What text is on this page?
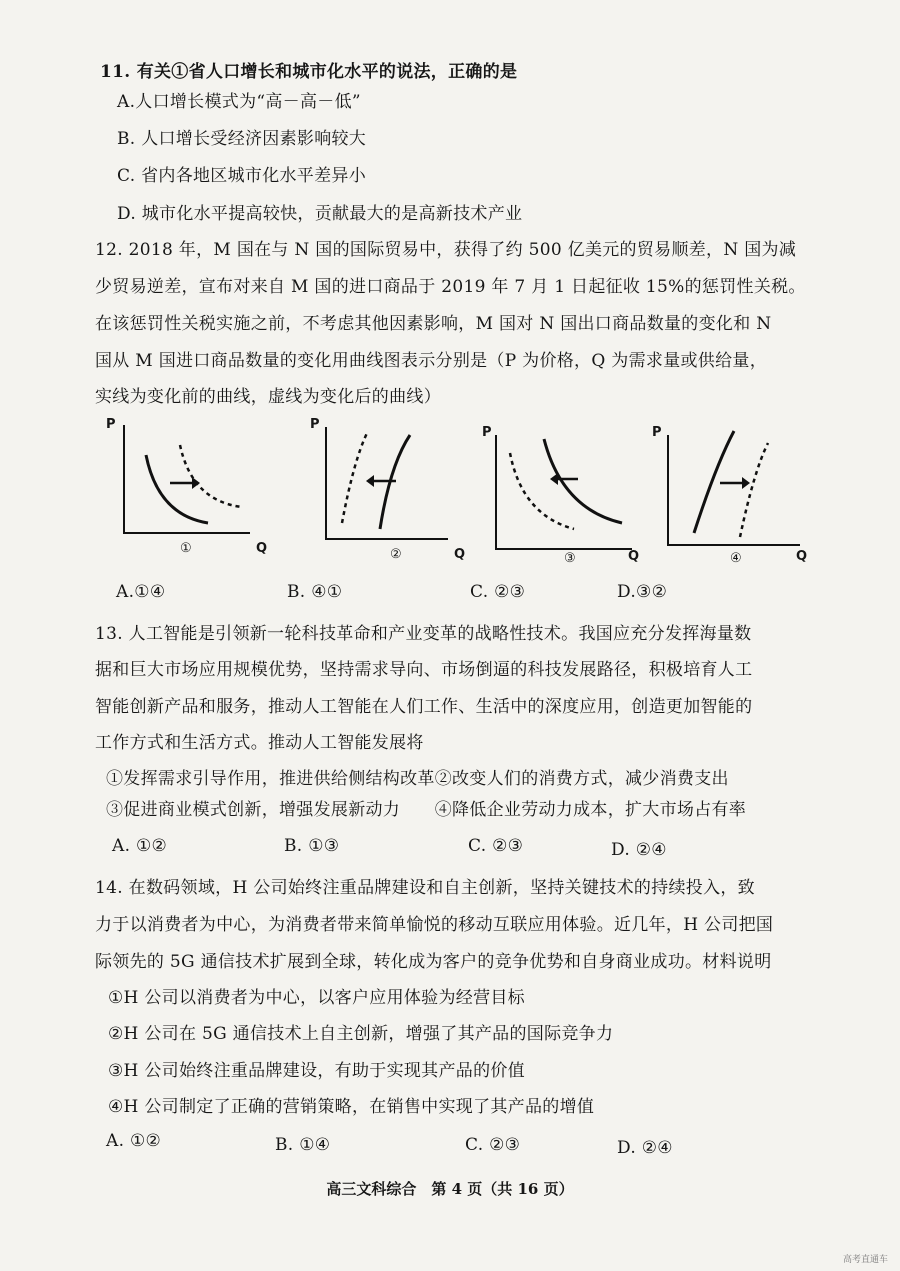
11. 有关①省人口增长和城市化水平的说法，正确的是
A.人口增长模式为“高－高－低”
B. 人口增长受经济因素影响较大
C. 省内各地区城市化水平差异小
D. 城市化水平提高较快，贡献最大的是高新技术产业
12. 2018 年，M 国在与 N 国的国际贸易中，获得了约 500 亿美元的贸易顺差，N 国为减
少贸易逆差，宣布对来自 M 国的进口商品于 2019 年 7 月 1 日起征收 15%的惩罚性关税。
在该惩罚性关税实施之前，不考虑其他因素影响，M 国对 N 国出口商品数量的变化和 N
国从 M 国进口商品数量的变化用曲线图表示分别是（P 为价格，Q 为需求量或供给量，
实线为变化前的曲线，虚线为变化后的曲线）
P
①	Q
P
②	Q
P
③	Q
P
④	Q
A.①④	B. ④①	C. ②③	D.③②
13. 人工智能是引领新一轮科技革命和产业变革的战略性技术。我国应充分发挥海量数
据和巨大市场应用规模优势，坚持需求导向、市场倒逼的科技发展路径，积极培育人工
智能创新产品和服务，推动人工智能在人们工作、生活中的深度应用，创造更加智能的
工作方式和生活方式。推动人工智能发展将
①发挥需求引导作用，推进供给侧结构改革②改变人们的消费方式，减少消费支出
③促进商业模式创新，增强发展新动力　　④降低企业劳动力成本，扩大市场占有率
A. ①②	B. ①③	C. ②③	D. ②④
14. 在数码领域，H 公司始终注重品牌建设和自主创新，坚持关键技术的持续投入，致
力于以消费者为中心，为消费者带来简单愉悦的移动互联应用体验。近几年，H 公司把国
际领先的 5G 通信技术扩展到全球，转化成为客户的竞争优势和自身商业成功。材料说明
①H 公司以消费者为中心，以客户应用体验为经营目标
②H 公司在 5G 通信技术上自主创新，增强了其产品的国际竞争力
③H 公司始终注重品牌建设，有助于实现其产品的价值
④H 公司制定了正确的营销策略，在销售中实现了其产品的增值
A. ①②	B. ①④	C. ②③	D. ②④
高三文科综合　第 4 页（共 16 页）
高考直通车
